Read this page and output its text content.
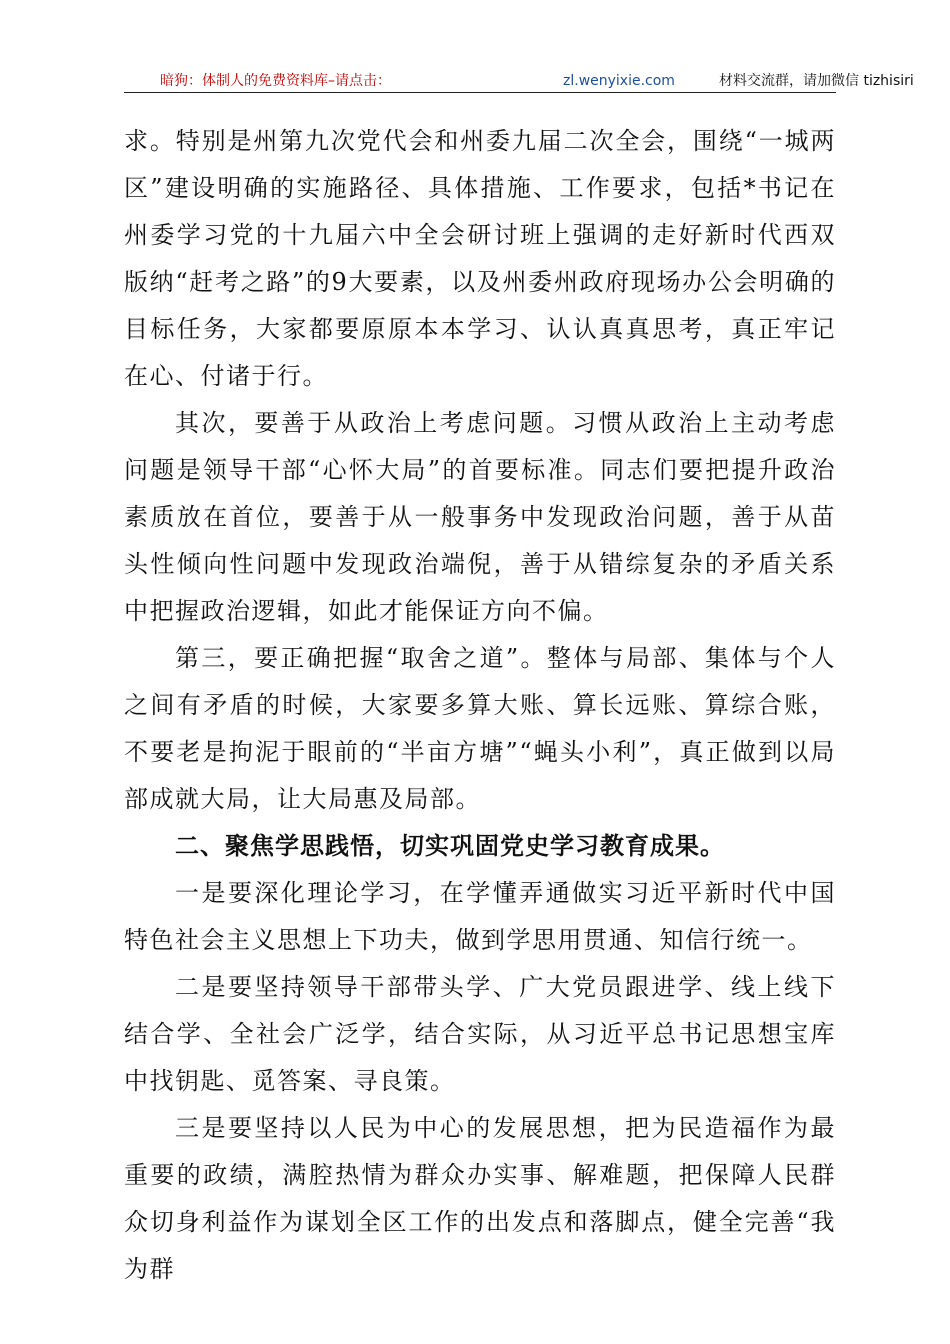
暗狗：体制人的免费资料库–请点击：	zl.wenyixie.com	材料交流群，请加微信 tizhisiri

求。特别是州第九次党代会和州委九届二次全会，围绕“一城两区”建设明确的实施路径、具体措施、工作要求，包括*书记在州委学习党的十九届六中全会研讨班上强调的走好新时代西双版纳“赶考之路”的9大要素，以及州委州政府现场办公会明确的目标任务，大家都要原原本本学习、认认真真思考，真正牢记在心、付诸于行。

其次，要善于从政治上考虑问题。习惯从政治上主动考虑问题是领导干部“心怀大局”的首要标准。同志们要把提升政治素质放在首位，要善于从一般事务中发现政治问题，善于从苗头性倾向性问题中发现政治端倪，善于从错综复杂的矛盾关系中把握政治逻辑，如此才能保证方向不偏。

第三，要正确把握“取舍之道”。整体与局部、集体与个人之间有矛盾的时候，大家要多算大账、算长远账、算综合账，不要老是拘泥于眼前的“半亩方塘”“蝇头小利”，真正做到以局部成就大局，让大局惠及局部。

二、聚焦学思践悟，切实巩固党史学习教育成果。

一是要深化理论学习，在学懂弄通做实习近平新时代中国特色社会主义思想上下功夫，做到学思用贯通、知信行统一。

二是要坚持领导干部带头学、广大党员跟进学、线上线下结合学、全社会广泛学，结合实际，从习近平总书记思想宝库中找钥匙、觅答案、寻良策。

三是要坚持以人民为中心的发展思想，把为民造福作为最重要的政绩，满腔热情为群众办实事、解难题，把保障人民群众切身利益作为谋划全区工作的出发点和落脚点，健全完善“我为群
